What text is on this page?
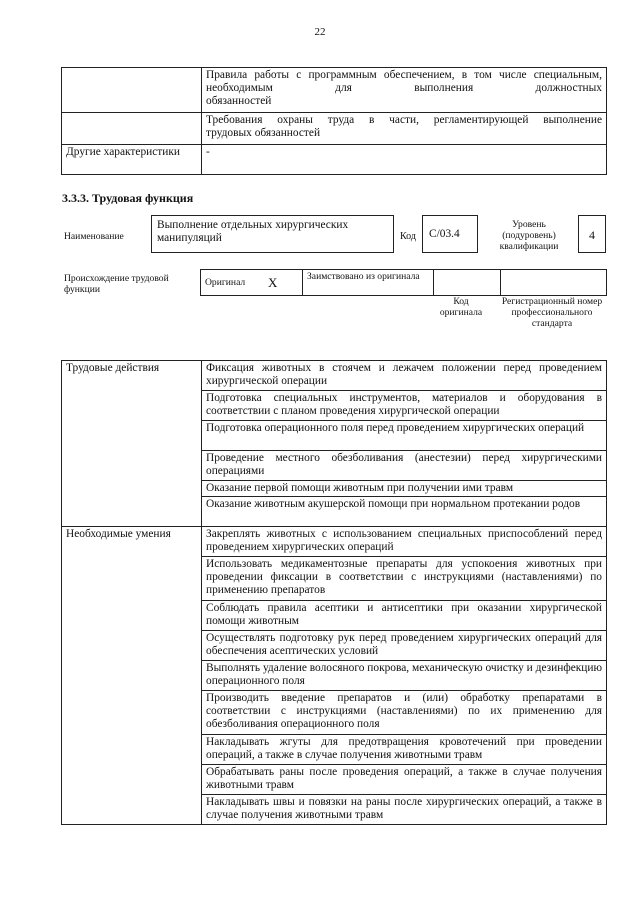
22

	Правила работы с программным обеспечением, в том числе специальным, необходимым для выполнения должностных
обязанностей

	Требования охраны труда в части, регламентирующей выполнение
трудовых обязанностей

Другие характеристики	-
3.3.3. Трудовая функция
Наименование
Выполнение отдельных хирургических манипуляций	Код	C/03.4
Уровень (подуровень) квалификации
4
Происхождение трудовой функции
Оригинал	X	Заимствовано из оригинала		
Код оригинала
Регистрационный номер профессионального стандарта
Трудовые действия	Фиксация животных в стоячем и лежачем положении перед проведением хирургической операции
	Подготовка специальных инструментов, материалов и оборудования в соответствии с планом проведения хирургической операции
	Подготовка операционного поля перед проведением хирургических операций
	Проведение местного обезболивания (анестезии) перед хирургическими операциями
	Оказание первой помощи животным при получении ими травм
	Оказание животным акушерской помощи при нормальном протекании родов
Необходимые умения	Закреплять животных с использованием специальных приспособлений перед проведением хирургических операций
	Использовать медикаментозные препараты для успокоения животных при проведении фиксации в соответствии с инструкциями (наставлениями) по применению препаратов
	Соблюдать правила асептики и антисептики при оказании хирургической помощи животным
	Осуществлять подготовку рук перед проведением хирургических операций для обеспечения асептических условий
	Выполнять удаление волосяного покрова, механическую очистку и дезинфекцию операционного поля
	Производить введение препаратов и (или) обработку препаратами в соответствии с инструкциями (наставлениями) по их применению для обезболивания операционного поля
	Накладывать жгуты для предотвращения кровотечений при проведении операций, а также в случае получения животными травм
	Обрабатывать раны после проведения операций, а также в случае получения животными травм
	Накладывать швы и повязки на раны после хирургических операций, а также в случае получения животными травм
